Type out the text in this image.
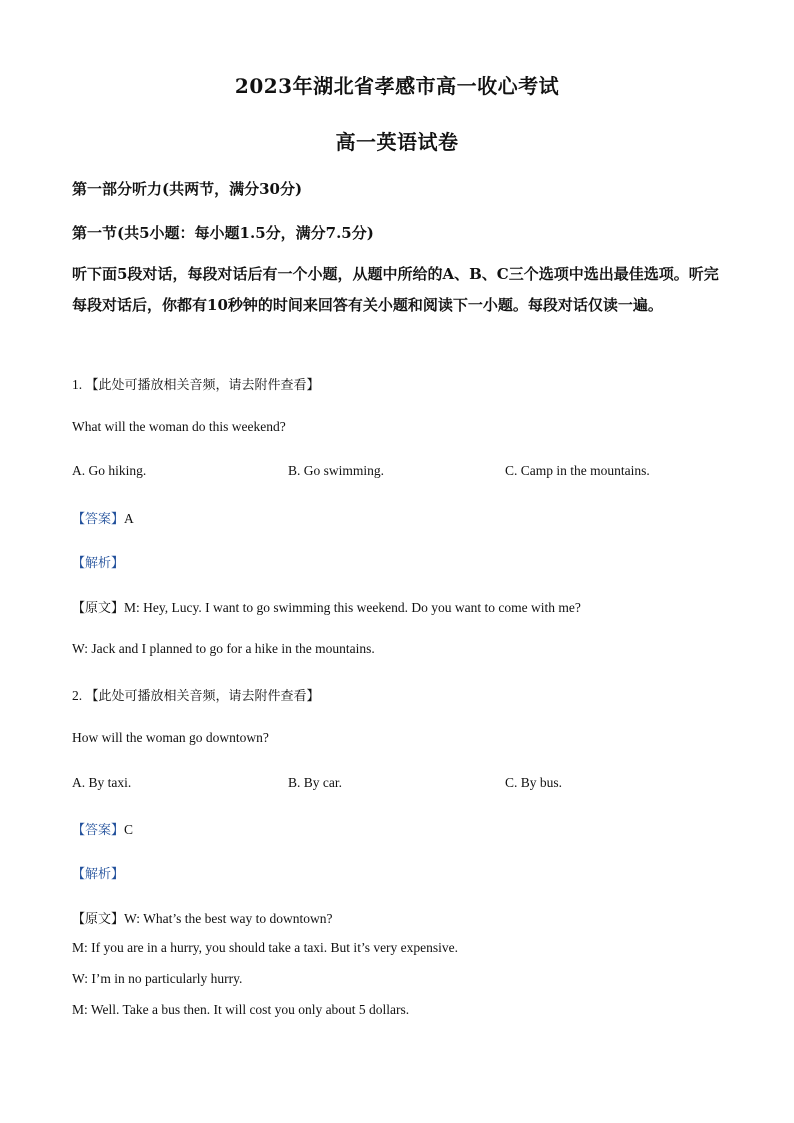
2023年湖北省孝感市高一收心考试
高一英语试卷
第一部分听力(共两节，满分30分)
第一节(共5小题：每小题1.5分，满分7.5分)
听下面5段对话，每段对话后有一个小题，从题中所给的A、B、C三个选项中选出最佳选项。听完每段对话后，你都有10秒钟的时间来回答有关小题和阅读下一小题。每段对话仅读一遍。
1. 【此处可播放相关音频，请去附件查看】
What will the woman do this weekend?
A. Go hiking.	B. Go swimming.	C. Camp in the mountains.
【答案】A
【解析】
【原文】M: Hey, Lucy. I want to go swimming this weekend. Do you want to come with me?
W: Jack and I planned to go for a hike in the mountains.
2. 【此处可播放相关音频，请去附件查看】
How will the woman go downtown?
A. By taxi.	B. By car.	C. By bus.
【答案】C
【解析】
【原文】W: What’s the best way to downtown?
M: If you are in a hurry, you should take a taxi. But it’s very expensive.
W: I’m in no particularly hurry.
M: Well. Take a bus then. It will cost you only about 5 dollars.
